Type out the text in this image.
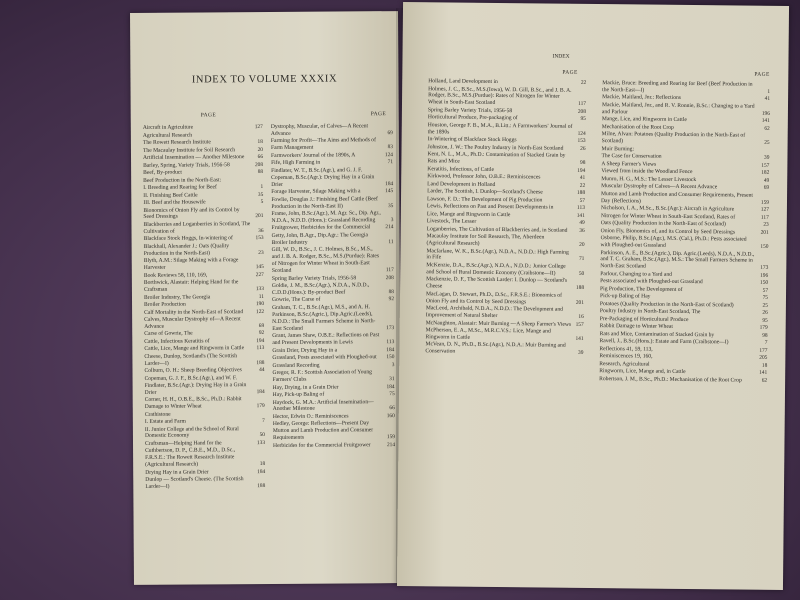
INDEX TO VOLUME XXXIX
PAGE	PAGE
Aircraft in Agriculture	127
Agricultural Research
The Rowett Research Institute	18
The Macaulay Institute for Soil Research	20
Artificial Insemination — Another Milestone	66
Barley, Spring, Variety Trials, 1956-58	208
Beef, By-product	88
Beef Production in the North-East:
I. Breeding and Rearing for Beef	1
II. Finishing Beef Cattle	35
III. Beef and the Housewife	5
Bionomics of Onion Fly and its Control by Seed Dressings	201
Blackberries and Loganberries in Scotland, The Cultivation of	36
Blackface Stock Hoggs, In-wintering of	153
Blackhall, Alexander J.: Oats (Quality Production in the North-East)	23
Blyth, A.M.: Silage Making with a Forage Harvester	145
Book Reviews 58, 110, 169,	227
Borthwick, Alastair: Helping Hand for the Craftsman	133
Broiler Industry, The Georgia	11
Broiler Production	190
Calf Mortality in the North-East of Scotland	122
Calves, Muscular Dystrophy of—A Recent Advance	69
Carse of Gowrie, The	92
Cattle, Infectious Keratitis of	194
Cattle, Lice, Mange and Ringworm in Cattle	113
Cheese, Dunlop, Scotland's (The Scottish Larder—I)	188
Colburn, O. H.: Sheep Breeding Objectives	44
Copeman, G. J. F., B.Sc.(Agr.), and W. F. Findlater, B.Sc.(Agr.): Drying Hay in a Grain Drier	184
Corner, H. H., O.B.E., B.Sc., Ph.D.: Rabbit Damage to Winter Wheat	179
Crathistone
I. Estate and Farm	7
II. Junior College and the School of Rural Domestic Economy	50
Craftsman—Helping Hand for the	133
Cuthbertson, D. P., C.B.E., M.D., D.Sc., F.R.S.E.: The Rowett Research Institute (Agricultural Research)	18
Drying Hay in a Grain Drier	184
Dunlop — Scotland's Cheese. (The Scottish Larder—I)	188
Dystrophy, Muscular, of Calves—A Recent Advance	69
Farming for Profit—The Aims and Methods of Farm Management	83
Farmworkers' Journal of the 1890s, A	124
Fife, High Farming in	71
Findlater, W. T., B.Sc.(Agr.), and G. J. F. Copeman, B.Sc.(Agr.): Drying Hay in a Grain Drier	184
Forage Harvester, Silage Making with a	145
Fowlie, Douglas J.: Finishing Beef Cattle (Beef Production in the North-East II)	35
Frame, John, B.Sc.(Agr.), M. Agr. Sc., Dip. Agr., N.D.A., N.D.D. (Hons.): Grassland Recording	3
Fruitgrower, Herbicides for the Commercial	214
Getty, John, B.Agr., Dip.Agr.: The Georgia Broiler Industry	11
Gill, W. D., B.Sc., J. C. Holmes, B.Sc., M.S., and J. B. A. Rodger, B.Sc., M.S.(Purdue): Rates of Nitrogen for Winter Wheat in South-East Scotland	117
Spring Barley Variety Trials, 1956-58	208
Goldie, J. M., B.Sc.(Agr.), N.D.A., N.D.D., C.D.D.(Hons.): By-product Beef	88
Gowrie, The Carse of	92
Graham, T. C., B.Sc.(Agr.), M.S., and A. H. Parkinson, B.Sc.(Agric.), Dip.Agric.(Leeds), N.D.D.: The Small Farmers Scheme in North-East Scotland	173
Grant, James Shaw, O.B.E.: Reflections on Past and Present Developments in Lewis	113
Grain Drier, Drying Hay in a	184
Grassland, Posts associated with Ploughed-out	150
Grassland Recording	3
Gregor, R. F.: Scottish Association of Young Farmers' Clubs	31
Hay, Drying, in a Grain Drier	184
Hay, Pick-up Baling of	75
Haydock, G. M.A.: Artificial Insemination—Another Milestone	66
Hector, Edwin O.: Reminiscences	160
Hedley, George: Reflections—Present Day Mutton and Lamb Production and Consumer Requirements	159
Herbicides for the Commercial Fruitgrower	214
INDEX
PAGE	PAGE
Holland, Land Development in	22
Holmes, J. C., B.Sc., M.S.(Iowa), W. D. Gill, B.Sc., and J. B. A. Rodger, B.Sc., M.S.(Purdue): Rates of Nitrogen for Winter Wheat in South-East Scotland	117
Spring Barley Variety Trials, 1956-58	208
Horticultural Produce, Pre-packaging of	95
Houston, George F. B., M.A., B.Litt.: A Farmworkers' Journal of the 1890s	124
In-Wintering of Blackface Stock Hoggs	153
Johnston, J. W.: The Poultry Industry in North-East Scotland	26
Kent, N. L., M.A., Ph.D.: Contamination of Stacked Grain by Rats and Mice	98
Keratitis, Infectious, of Cattle	194
Kirkwood, Professor John, O.B.E.: Reminiscences	41
Land Development in Holland	22
Larder, The Scottish, I. Dunlop—Scotland's Cheese	188
Lawson, F. D.: The Development of Pig Production	57
Lewis, Reflections on Past and Present Developments in	113
Lice, Mange and Ringworm in Cattle	141
Livestock, The Lesser	49
Loganberries, The Cultivation of Blackberries and, in Scotland	36
Macaulay Institute for Soil Research, The, Aberdeen (Agricultural Research)	20
Macfarlane, W. K., B.Sc.(Agr.), N.D.A., N.D.D.: High Farming in Fife	71
McKenzie, D.A., B.Sc.(Agr.), N.D.A., N.D.D.: Junior College and School of Rural Domestic Economy (Craibstone—II)	50
Mackenzie, D. F., The Scottish Larder: I. Dunlop — Scotland's Cheese	188
MacLagan, D. Stewart, Ph.D., D.Sc., F.R.S.E.: Bionomics of Onion Fly and its Control by Seed Dressings	201
MacLeod, Archibald, N.D.A., N.D.D.: The Development and Improvement of Natural Shelter	16
McNaughton, Alastair: Muir Burning —A Sheep Farmer's Views 157
McPherson, E. A., M.Sc., M.R.C.V.S.: Lice, Mange and Ringworm in Cattle	141
McVean, D. N., Ph.D., B.Sc.(Agr.), N.D.A.: Muir Burning and Conservation	39
Mackie, Bruce: Breeding and Rearing for Beef (Beef Production in the North-East—I)	1
Mackie, Maitland, Jnr.: Reflections	41
Mackie, Maitland, Jnr., and R. V. Ronnie, B.Sc.: Changing to a Yard and Parlour	196
Mange, Lice, and Ringworm in Cattle	141
Mechanisation of the Root Crop	62
Milne, Alvan: Potatoes (Quality Production in the North-East of Scotland)	25
Muir Burning:
The Case for Conservation	39
A Sheep Farmer's Views	157
Viewed from inside the Woodland Fence	182
Munro, H. G., M.S.: The Lesser Livestock	49
Muscular Dystrophy of Calves—A Recent Advance	69
Mutton and Lamb Production and Consumer Requirements, Present Day (Reflections)	159
Nicholson, I. A., M.Sc., B.Sc.(Agr.): Aircraft in Agriculture	127
Nitrogen for Winter Wheat in South-East Scotland, Rates of	117
Oats (Quality Production in the North-East of Scotland)	23
Onion Fly, Bionomics of, and its Control by Seed Dressings	201
Osborne, Philip, B.Sc.(Agr.), M.S. (Cal.), Ph.D.: Pests associated with Ploughed-out Grassland	150
Parkinson, A. E., B.Sc.(Agric.), Dip. Agric.(Leeds), N.D.A., N.D.D., and T. C. Graham, B.Sc.(Agr.), M.S.: The Small Farmers Scheme in North-East Scotland	173
Parlour, Changing to a Yard and	196
Pests associated with Ploughed-out Grassland	150
Pig Production, The Development of	57
Pick-up Baling of Hay	75
Potatoes (Quality Production in the North-East of Scotland)	25
Poultry Industry in North-East Scotland, The	26
Pre-Packaging of Horticultural Produce	95
Rabbit Damage to Winter Wheat	179
Rats and Mice, Contamination of Stacked Grain by	98
Ravell, J., B.Sc.(Hons.): Estate and Farm (Craibstone—I)	7
Reflections 41, 59, 113,	177
Reminiscences 19, 160,	205
Research, Agricultural	18
Ringworm, Lice, Mange and, in Cattle	141
Robertson, J. M., B.Sc., Ph.D.: Mechanisation of the Root Crop	62
